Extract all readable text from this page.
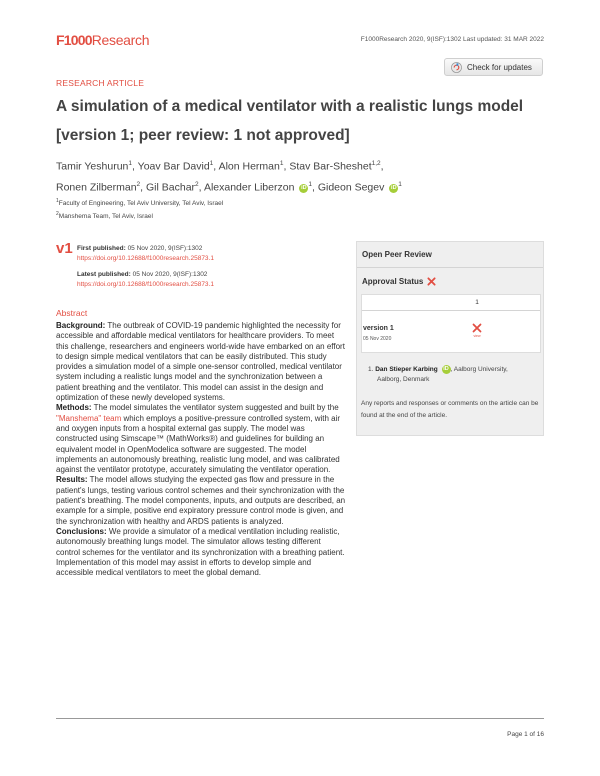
F1000Research	F1000Research 2020, 9(ISF):1302 Last updated: 31 MAR 2022
RESEARCH ARTICLE
Check for updates
A simulation of a medical ventilator with a realistic lungs model [version 1; peer review: 1 not approved]
Tamir Yeshurun$^1$, Yoav Bar David$^1$, Alon Herman$^1$, Stav Bar-Sheshet$^{1,2}$,
Ronen Zilberman$^2$, Gil Bachar$^2$, Alexander Liberzon $iD^1$, Gideon Segev $iD^1$
$^1$Faculty of Engineering, Tel Aviv University, Tel Aviv, Israel
$^2$Manshema Team, Tel Aviv, Israel
v1 First published: 05 Nov 2020, 9(ISF):1302
https://doi.org/10.12688/f1000research.25873.1
Latest published: 05 Nov 2020, 9(ISF):1302
https://doi.org/10.12688/f1000research.25873.1
Abstract

Background: The outbreak of COVID-19 pandemic highlighted the necessity for accessible and affordable medical ventilators for healthcare providers. To meet this challenge, researchers and engineers world-wide have embarked on an effort to design simple medical ventilators that can be easily distributed. This study provides a simulation model of a simple one-sensor controlled, medical ventilator system including a realistic lungs model and the synchronization between a patient breathing and the ventilator. This model can assist in the design and optimization of these newly developed systems.

Methods: The model simulates the ventilator system suggested and built by the "Manshema" team which employs a positive-pressure controlled system, with air and oxygen inputs from a hospital external gas supply. The model was constructed using Simscape™ (MathWorks®) and guidelines for building an equivalent model in OpenModelica software are suggested. The model implements an autonomously breathing, realistic lung model, and was calibrated against the ventilator prototype, accurately simulating the ventilator operation.

Results: The model allows studying the expected gas flow and pressure in the patient's lungs, testing various control schemes and their synchronization with the patient's breathing. The model components, inputs, and outputs are described, an example for a simple, positive end expiratory pressure control mode is given, and the synchronization with healthy and ARDS patients is analyzed.

Conclusions: We provide a simulator of a medical ventilation including realistic, autonomously breathing lungs model. The simulator allows testing different control schemes for the ventilator and its synchronization with a breathing patient. Implementation of this model may assist in efforts to develop simple and accessible medical ventilators to meet the global demand.

Open Peer Review
Approval Status
1
version 1
05 Nov 2020	view
1. Dan Stieper Karbing iD , Aalborg University,
Aalborg, Denmark
Any reports and responses or comments on the article can be found at the end of the article.
Page 1 of 16
